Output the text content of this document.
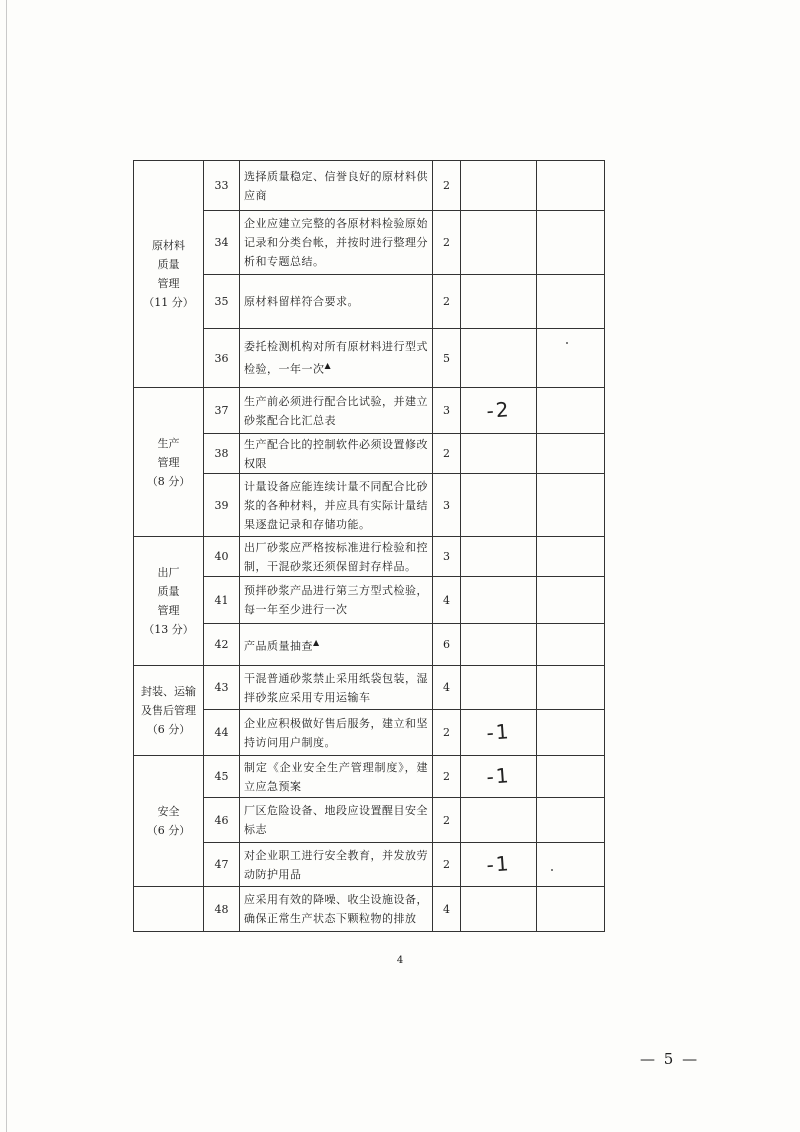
原材料
质量
管理
（11 分）	33	选择质量稳定、信誉良好的原材料供应商	2	

	34	企业应建立完整的各原材料检验原始记录和分类台帐，并按时进行整理分析和专题总结。	2	

	35	原材料留样符合要求。	2	

	36	委托检测机构对所有原材料进行型式检验，一年一次▲	5	

生产
管理
（8 分）	37	生产前必须进行配合比试验，并建立砂浆配合比汇总表	3	-2	

	38	生产配合比的控制软件必须设置修改权限	2	

	39	计量设备应能连续计量不同配合比砂浆的各种材料，并应具有实际计量结果逐盘记录和存储功能。	3	

出厂
质量
管理
（13 分）	40	出厂砂浆应严格按标准进行检验和控制，干混砂浆还须保留封存样品。	3	

	41	预拌砂浆产品进行第三方型式检验，每一年至少进行一次	4	

	42	产品质量抽查▲	6	

封装、运输
及售后管理
（6 分）	43	干混普通砂浆禁止采用纸袋包装，湿拌砂浆应采用专用运输车	4	

	44	企业应积极做好售后服务，建立和坚持访问用户制度。	2	-1	

安全
（6 分）	45	制定《企业安全生产管理制度》，建立应急预案	2	-1	

	46	厂区危险设备、地段应设置醒目安全标志	2	

	47	对企业职工进行安全教育，并发放劳动防护用品	2	-1	

	48	应采用有效的降噪、收尘设施设备，确保正常生产状态下颗粒物的排放	4	

4
— 5 —
